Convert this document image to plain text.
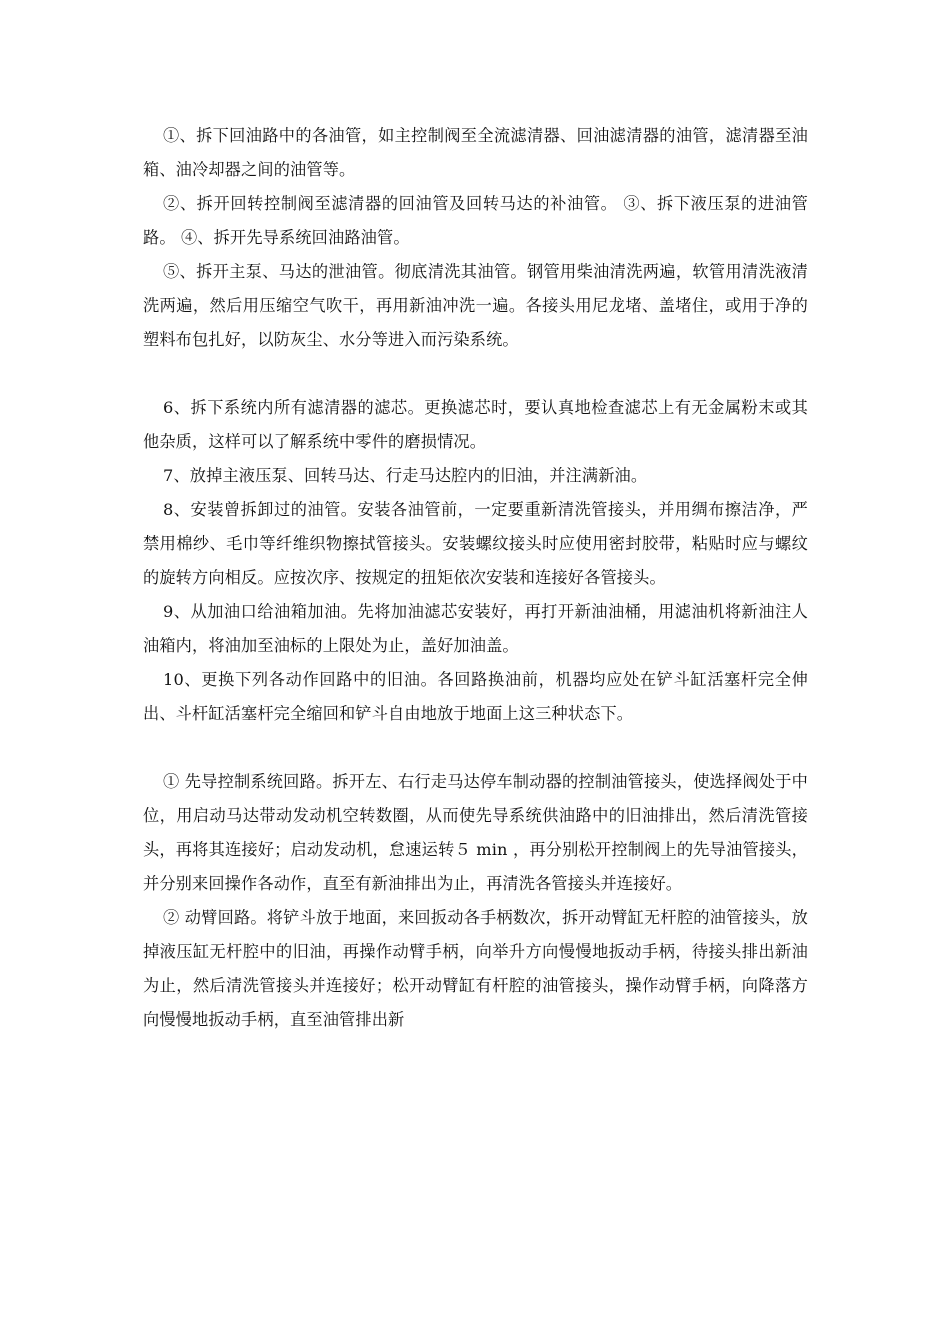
①、拆下回油路中的各油管，如主控制阀至全流滤清器、回油滤清器的油管，滤清器至油箱、油冷却器之间的油管等。

②、拆开回转控制阀至滤清器的回油管及回转马达的补油管。 ③、拆下液压泵的进油管路。 ④、拆开先导系统回油路油管。

⑤、拆开主泵、马达的泄油管。彻底清洗其油管。钢管用柴油清洗两遍，软管用清洗液清洗两遍，然后用压缩空气吹干，再用新油冲洗一遍。各接头用尼龙堵、盖堵住，或用于净的塑料布包扎好，以防灰尘、水分等进入而污染系统。

6、拆下系统内所有滤清器的滤芯。更换滤芯时，要认真地检查滤芯上有无金属粉末或其他杂质，这样可以了解系统中零件的磨损情况。

7、放掉主液压泵、回转马达、行走马达腔内的旧油，并注满新油。

8、安装曾拆卸过的油管。安装各油管前，一定要重新清洗管接头，并用绸布擦洁净，严禁用棉纱、毛巾等纤维织物擦拭管接头。安装螺纹接头时应使用密封胶带，粘贴时应与螺纹的旋转方向相反。应按次序、按规定的扭矩依次安装和连接好各管接头。

9、从加油口给油箱加油。先将加油滤芯安装好，再打开新油油桶，用滤油机将新油注人油箱内，将油加至油标的上限处为止，盖好加油盖。

10、更换下列各动作回路中的旧油。各回路换油前，机器均应处在铲斗缸活塞杆完全伸出、斗杆缸活塞杆完全缩回和铲斗自由地放于地面上这三种状态下。

① 先导控制系统回路。拆开左、右行走马达停车制动器的控制油管接头，使选择阀处于中位，用启动马达带动发动机空转数圈，从而使先导系统供油路中的旧油排出，然后清洗管接头，再将其连接好；启动发动机，怠速运转５ min ，再分别松开控制阀上的先导油管接头，并分别来回操作各动作，直至有新油排出为止，再清洗各管接头并连接好。

② 动臂回路。将铲斗放于地面，来回扳动各手柄数次，拆开动臂缸无杆腔的油管接头，放掉液压缸无杆腔中的旧油，再操作动臂手柄，向举升方向慢慢地扳动手柄，待接头排出新油为止，然后清洗管接头并连接好；松开动臂缸有杆腔的油管接头，操作动臂手柄，向降落方向慢慢地扳动手柄，直至油管排出新
